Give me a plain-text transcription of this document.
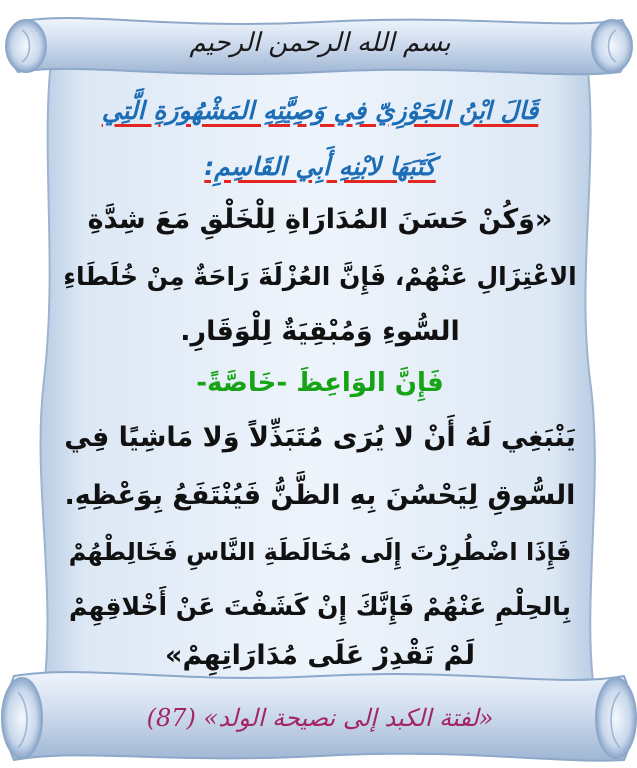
بسم الله الرحمن الرحيم
قَالَ ابْنُ الجَوْزِيّ فِي وَصِيَّتِهِ المَشْهُورَةِ الَّتِي
كَتَبَهَا لابْنِهِ أَبِي القَاسِمِ:
«وَكُنْ حَسَنَ المُدَارَاةِ لِلْخَلْقِ مَعَ شِدَّةِ
الاعْتِزَالِ عَنْهُمْ، فَإِنَّ العُزْلَةَ رَاحَةٌ مِنْ خُلَطَاءِ
السُّوءِ وَمُبْقِيَةٌ لِلْوَقَارِ.
فَإِنَّ الوَاعِظَ -خَاصَّةً-
يَنْبَغِي لَهُ أَنْ لا يُرَى مُتَبَذِّلاً وَلا مَاشِيًا فِي
السُّوقِ لِيَحْسُنَ بِهِ الظَّنُّ فَيُنْتَفَعُ بِوَعْظِهِ.
فَإِذَا اضْطُرِرْتَ إِلَى مُخَالَطَةِ النَّاسِ فَخَالِطْهُمْ
بِالحِلْمِ عَنْهُمْ فَإِنَّكَ إِنْ كَشَفْتَ عَنْ أَخْلاقِهِمْ
لَمْ تَقْدِرْ عَلَى مُدَارَاتِهِمْ»
«لفتة الكبد إلى نصيحة الولد» (87)
